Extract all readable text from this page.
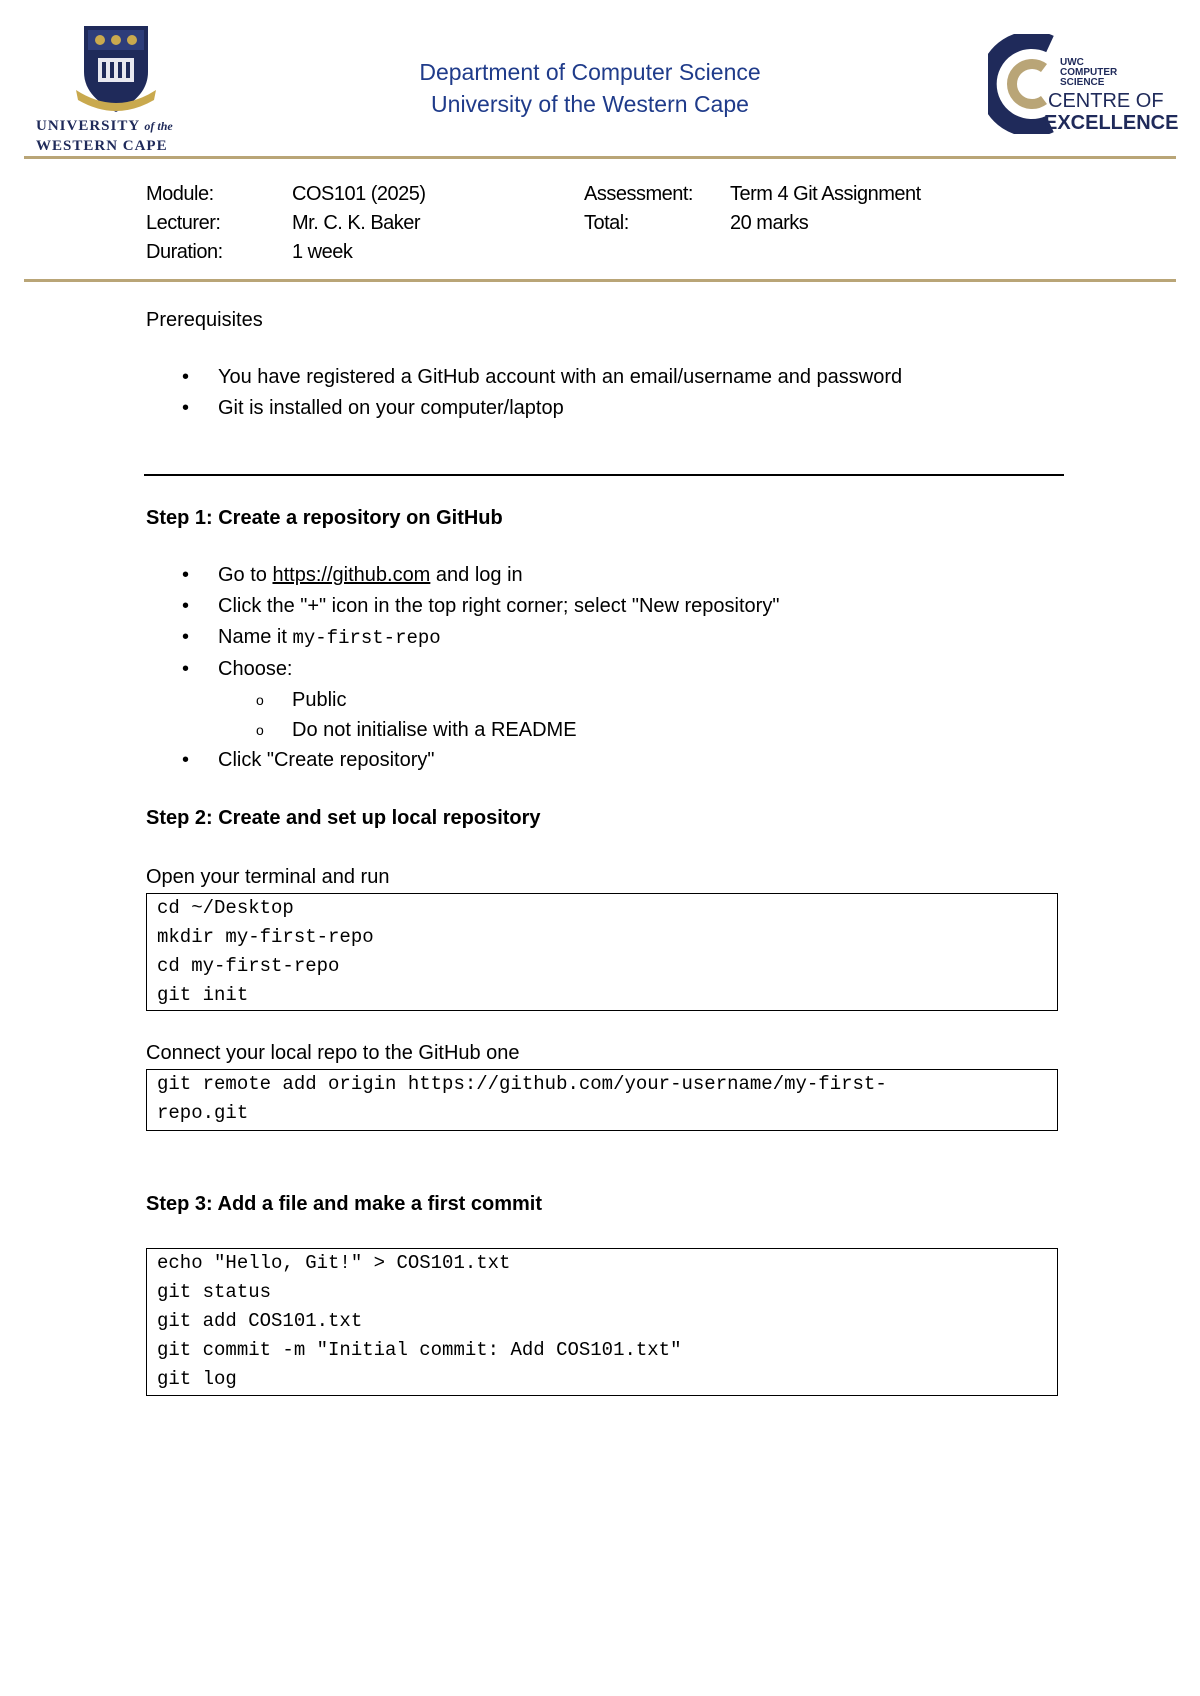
UNIVERSITY of the
WESTERN CAPE
Department of Computer Science
University of the Western Cape
UWC
COMPUTER
SCIENCE
CENTRE OF
EXCELLENCE
Module:	COS101 (2025)	Assessment: Term 4 Git Assignment
Lecturer:	Mr. C. K. Baker	Total:	20 marks
Duration:	1 week
Prerequisites
• You have registered a GitHub account with an email/username and password
• Git is installed on your computer/laptop
Step 1: Create a repository on GitHub
• Go to https://github.com and log in
• Click the "+" icon in the top right corner; select "New repository"
• Name it my-first-repo
• Choose:
o Public
o Do not initialise with a README
• Click "Create repository"
Step 2: Create and set up local repository
Open your terminal and run
cd ~/Desktop
mkdir my-first-repo
cd my-first-repo
git init
Connect your local repo to the GitHub one
git remote add origin https://github.com/your-username/my-first-
repo.git
Step 3: Add a file and make a first commit
echo "Hello, Git!" > COS101.txt
git status
git add COS101.txt
git commit -m "Initial commit: Add COS101.txt"
git log
